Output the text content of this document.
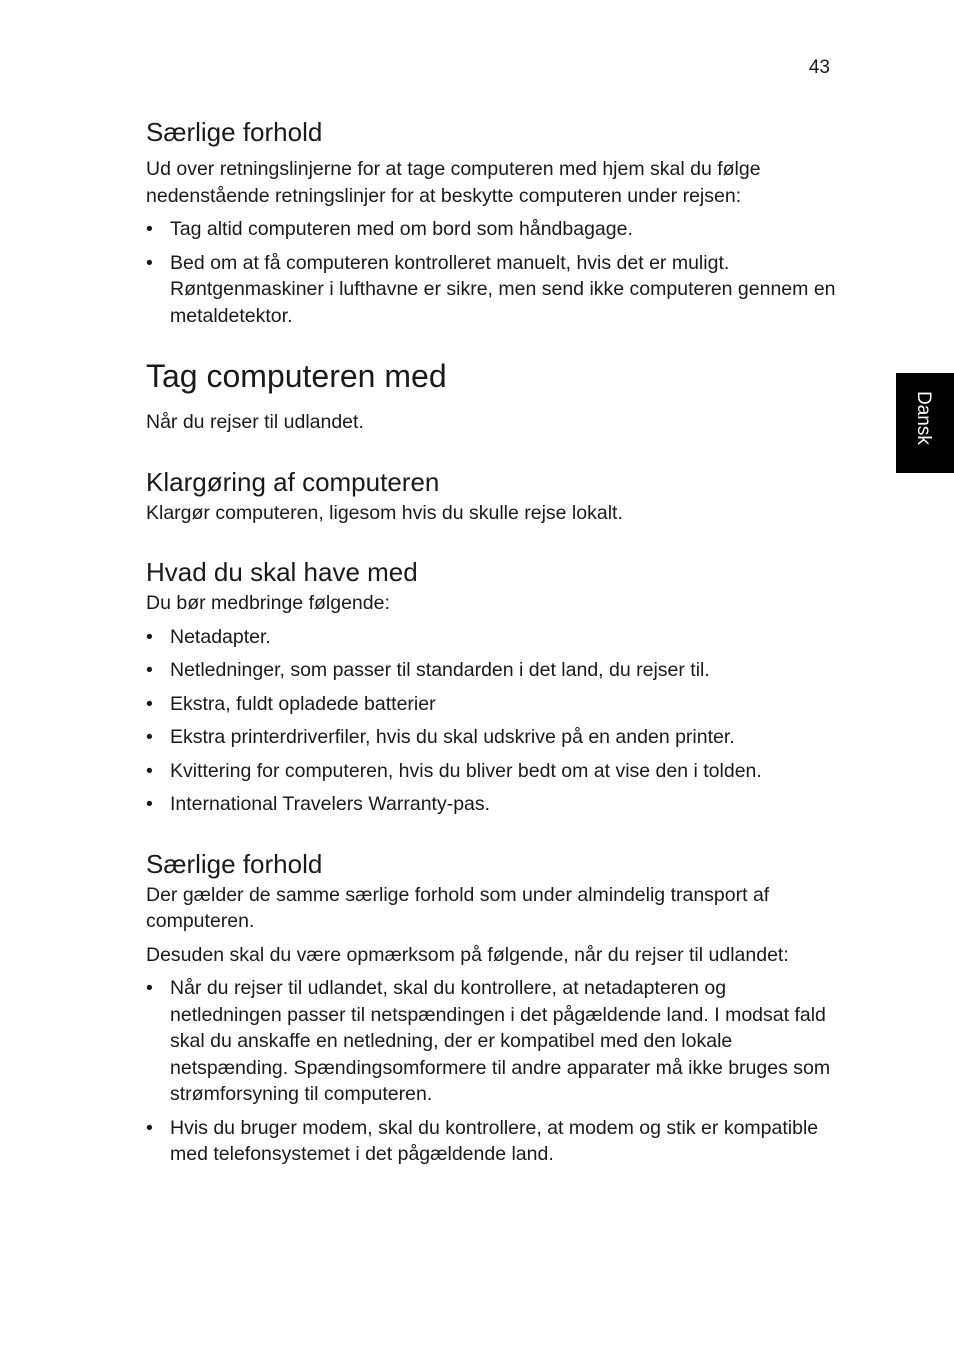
43
Dansk
Særlige forhold

Ud over retningslinjerne for at tage computeren med hjem skal du følge nedenstående retningslinjer for at beskytte computeren under rejsen:

• Tag altid computeren med om bord som håndbagage.
• Bed om at få computeren kontrolleret manuelt, hvis det er muligt. Røntgenmaskiner i lufthavne er sikre, men send ikke computeren gennem en metaldetektor.
Tag computeren med

Når du rejser til udlandet.

Klargøring af computeren

Klargør computeren, ligesom hvis du skulle rejse lokalt.

Hvad du skal have med

Du bør medbringe følgende:

• Netadapter.
• Netledninger, som passer til standarden i det land, du rejser til.
• Ekstra, fuldt opladede batterier
• Ekstra printerdriverfiler, hvis du skal udskrive på en anden printer.
• Kvittering for computeren, hvis du bliver bedt om at vise den i tolden.
• International Travelers Warranty-pas.
Særlige forhold

Der gælder de samme særlige forhold som under almindelig transport af computeren.

Desuden skal du være opmærksom på følgende, når du rejser til udlandet:

• Når du rejser til udlandet, skal du kontrollere, at netadapteren og netledningen passer til netspændingen i det pågældende land. I modsat fald skal du anskaffe en netledning, der er kompatibel med den lokale netspænding. Spændingsomformere til andre apparater må ikke bruges som strømforsyning til computeren.
• Hvis du bruger modem, skal du kontrollere, at modem og stik er kompatible med telefonsystemet i det pågældende land.
